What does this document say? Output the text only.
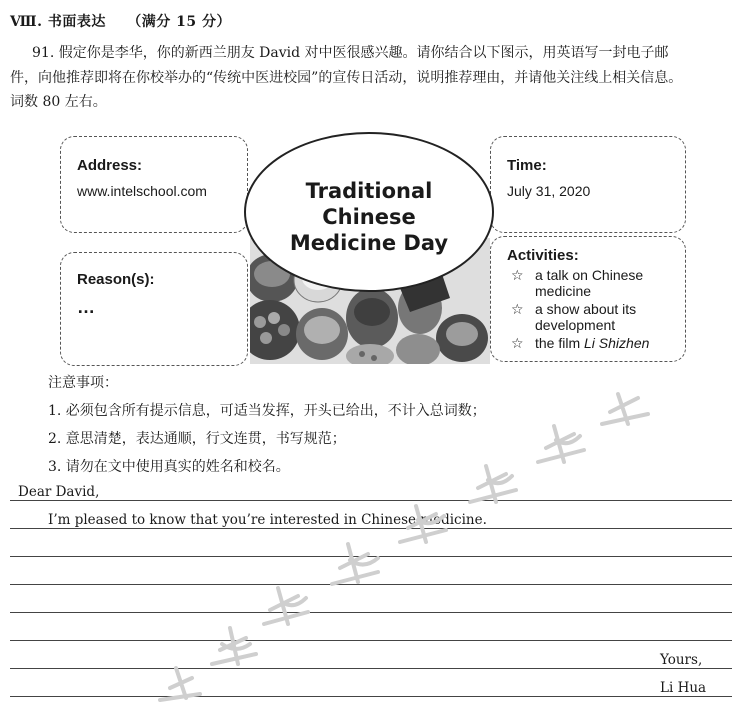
Ⅷ. 书面表达 （满分 15 分）
91. 假定你是李华，你的新西兰朋友 David 对中医很感兴趣。请你结合以下图示，用英语写一封电子邮
件，向他推荐即将在你校举办的“传统中医进校园”的宣传日活动，说明推荐理由，并请他关注线上相关信息。
词数 80 左右。
Address:
www.intelschool.com
Reason(s):
…
Time:
July 31, 2020
Activities:
☆ a talk on Chinese medicine
☆ a show about its development
☆ the film Li Shizhen
Traditional
Chinese
Medicine Day
注意事项：
1. 必须包含所有提示信息，可适当发挥，开头已给出，不计入总词数；
2. 意思清楚，表达通顺，行文连贯，书写规范；
3. 请勿在文中使用真实的姓名和校名。
Dear David,
I’m pleased to know that you’re interested in Chinese medicine.
Yours,
Li Hua
